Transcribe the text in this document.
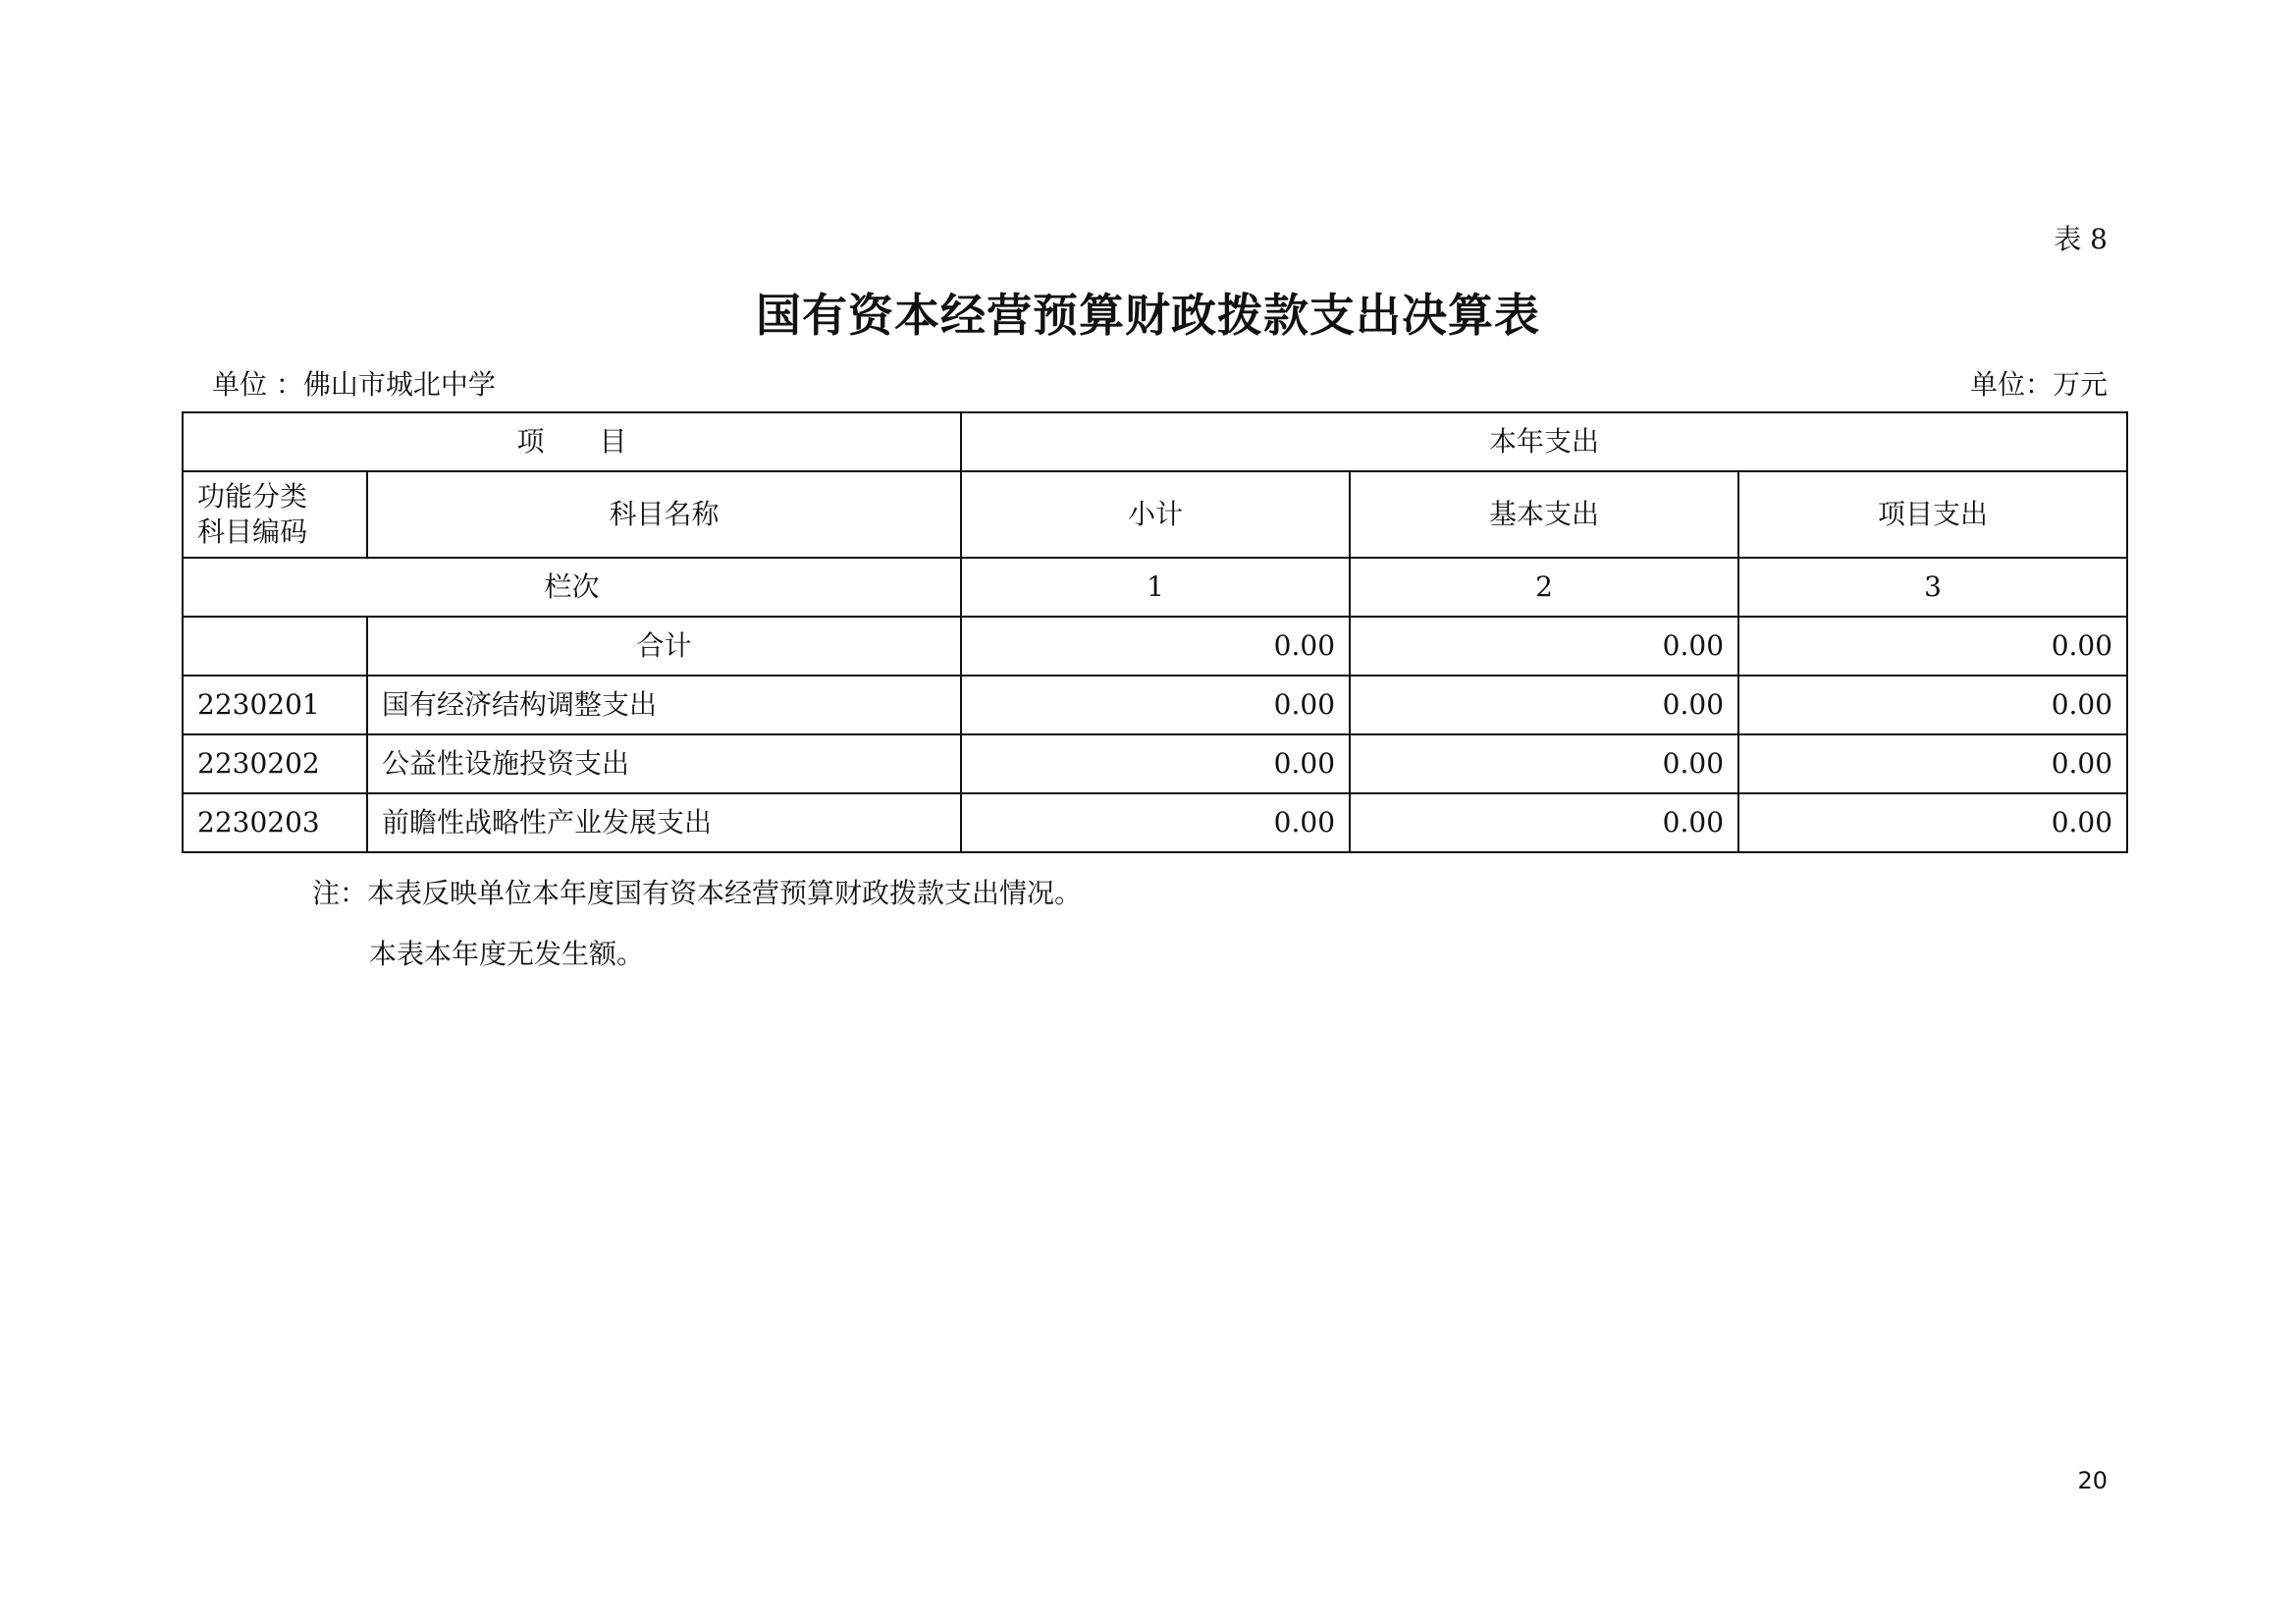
表 8
国有资本经营预算财政拨款支出决算表
单位 ：佛山市城北中学	单位：万元
项　　目		本年支出		
功能分类
科目编码	科目名称	小计	基本支出	项目支出
栏次		1	2	3
	合计	0.00	0.00	0.00
2230201	国有经济结构调整支出	0.00	0.00	0.00
2230202	公益性设施投资支出	0.00	0.00	0.00
2230203	前瞻性战略性产业发展支出	0.00	0.00	0.00
注：本表反映单位本年度国有资本经营预算财政拨款支出情况。
本表本年度无发生额。
20
